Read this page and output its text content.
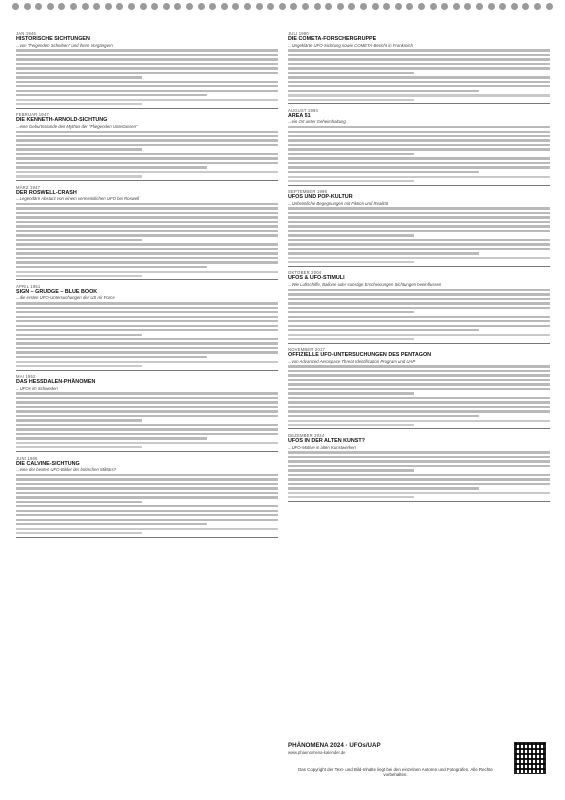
JAN 1946
HISTORISCHE SICHTUNGEN
...von "Feigenden Scheiben" und ihren Vorgängern
FEBRUAR 1947
DIE KENNETH-ARNOLD-SICHTUNG
...eine Geburtsstunde des Mythos der "Fliegenden Untertassen"
MÄRZ 1947
DER ROSWELL-CRASH
...Legendäre Absturz von einem vermeintlichen UFO bei Roswell
APRIL 1951
SIGN – GRUDGE – BLUE BOOK
...die ersten UFO-Untersuchungen der US Air Force
MAI 1952
DAS HESSDALEN-PHÄNOMEN
...UFOs im Schweden
JUNI 1966
DIE CALVINE-SICHTUNG
...eine der besten UFO-Bilder der britischen Militärs?
JULI 1990
DIE COMETA-FORSCHERGRUPPE
...Ungeklärte UFO-Sichtung sowie COMETA-Bericht in Frankreich
AUGUST 1994
AREA 51
...ein Ort unter Geheimhaltung
SEPTEMBER 1996
UFOS UND POP-KULTUR
...Unheimliche Begegnungen mit Fiktion und Realität
OKTOBER 2004
UFOS & UFO-STIMULI
...Wie Luftschiffe, Ballone oder sonstige Erscheinungen Sichtungen beeinflussen
NOVEMBER 2017
OFFIZIELLE UFO-UNTERSUCHUNGEN DES PENTAGON
...von Advanced Aerospace Threat Identification Program und UAP
DEZEMBER 2024
UFOS IN DER ALTEN KUNST?
...UFO-Motive in alten Kunstwerken
PHÄNOMENA 2024 · UFOs/UAP
www.phaenomena-kalender.de
Das Copyright der Text- und Bild-Inhalte liegt bei den einzelnen Autoren und Fotografen. Alle Rechte vorbehalten.
